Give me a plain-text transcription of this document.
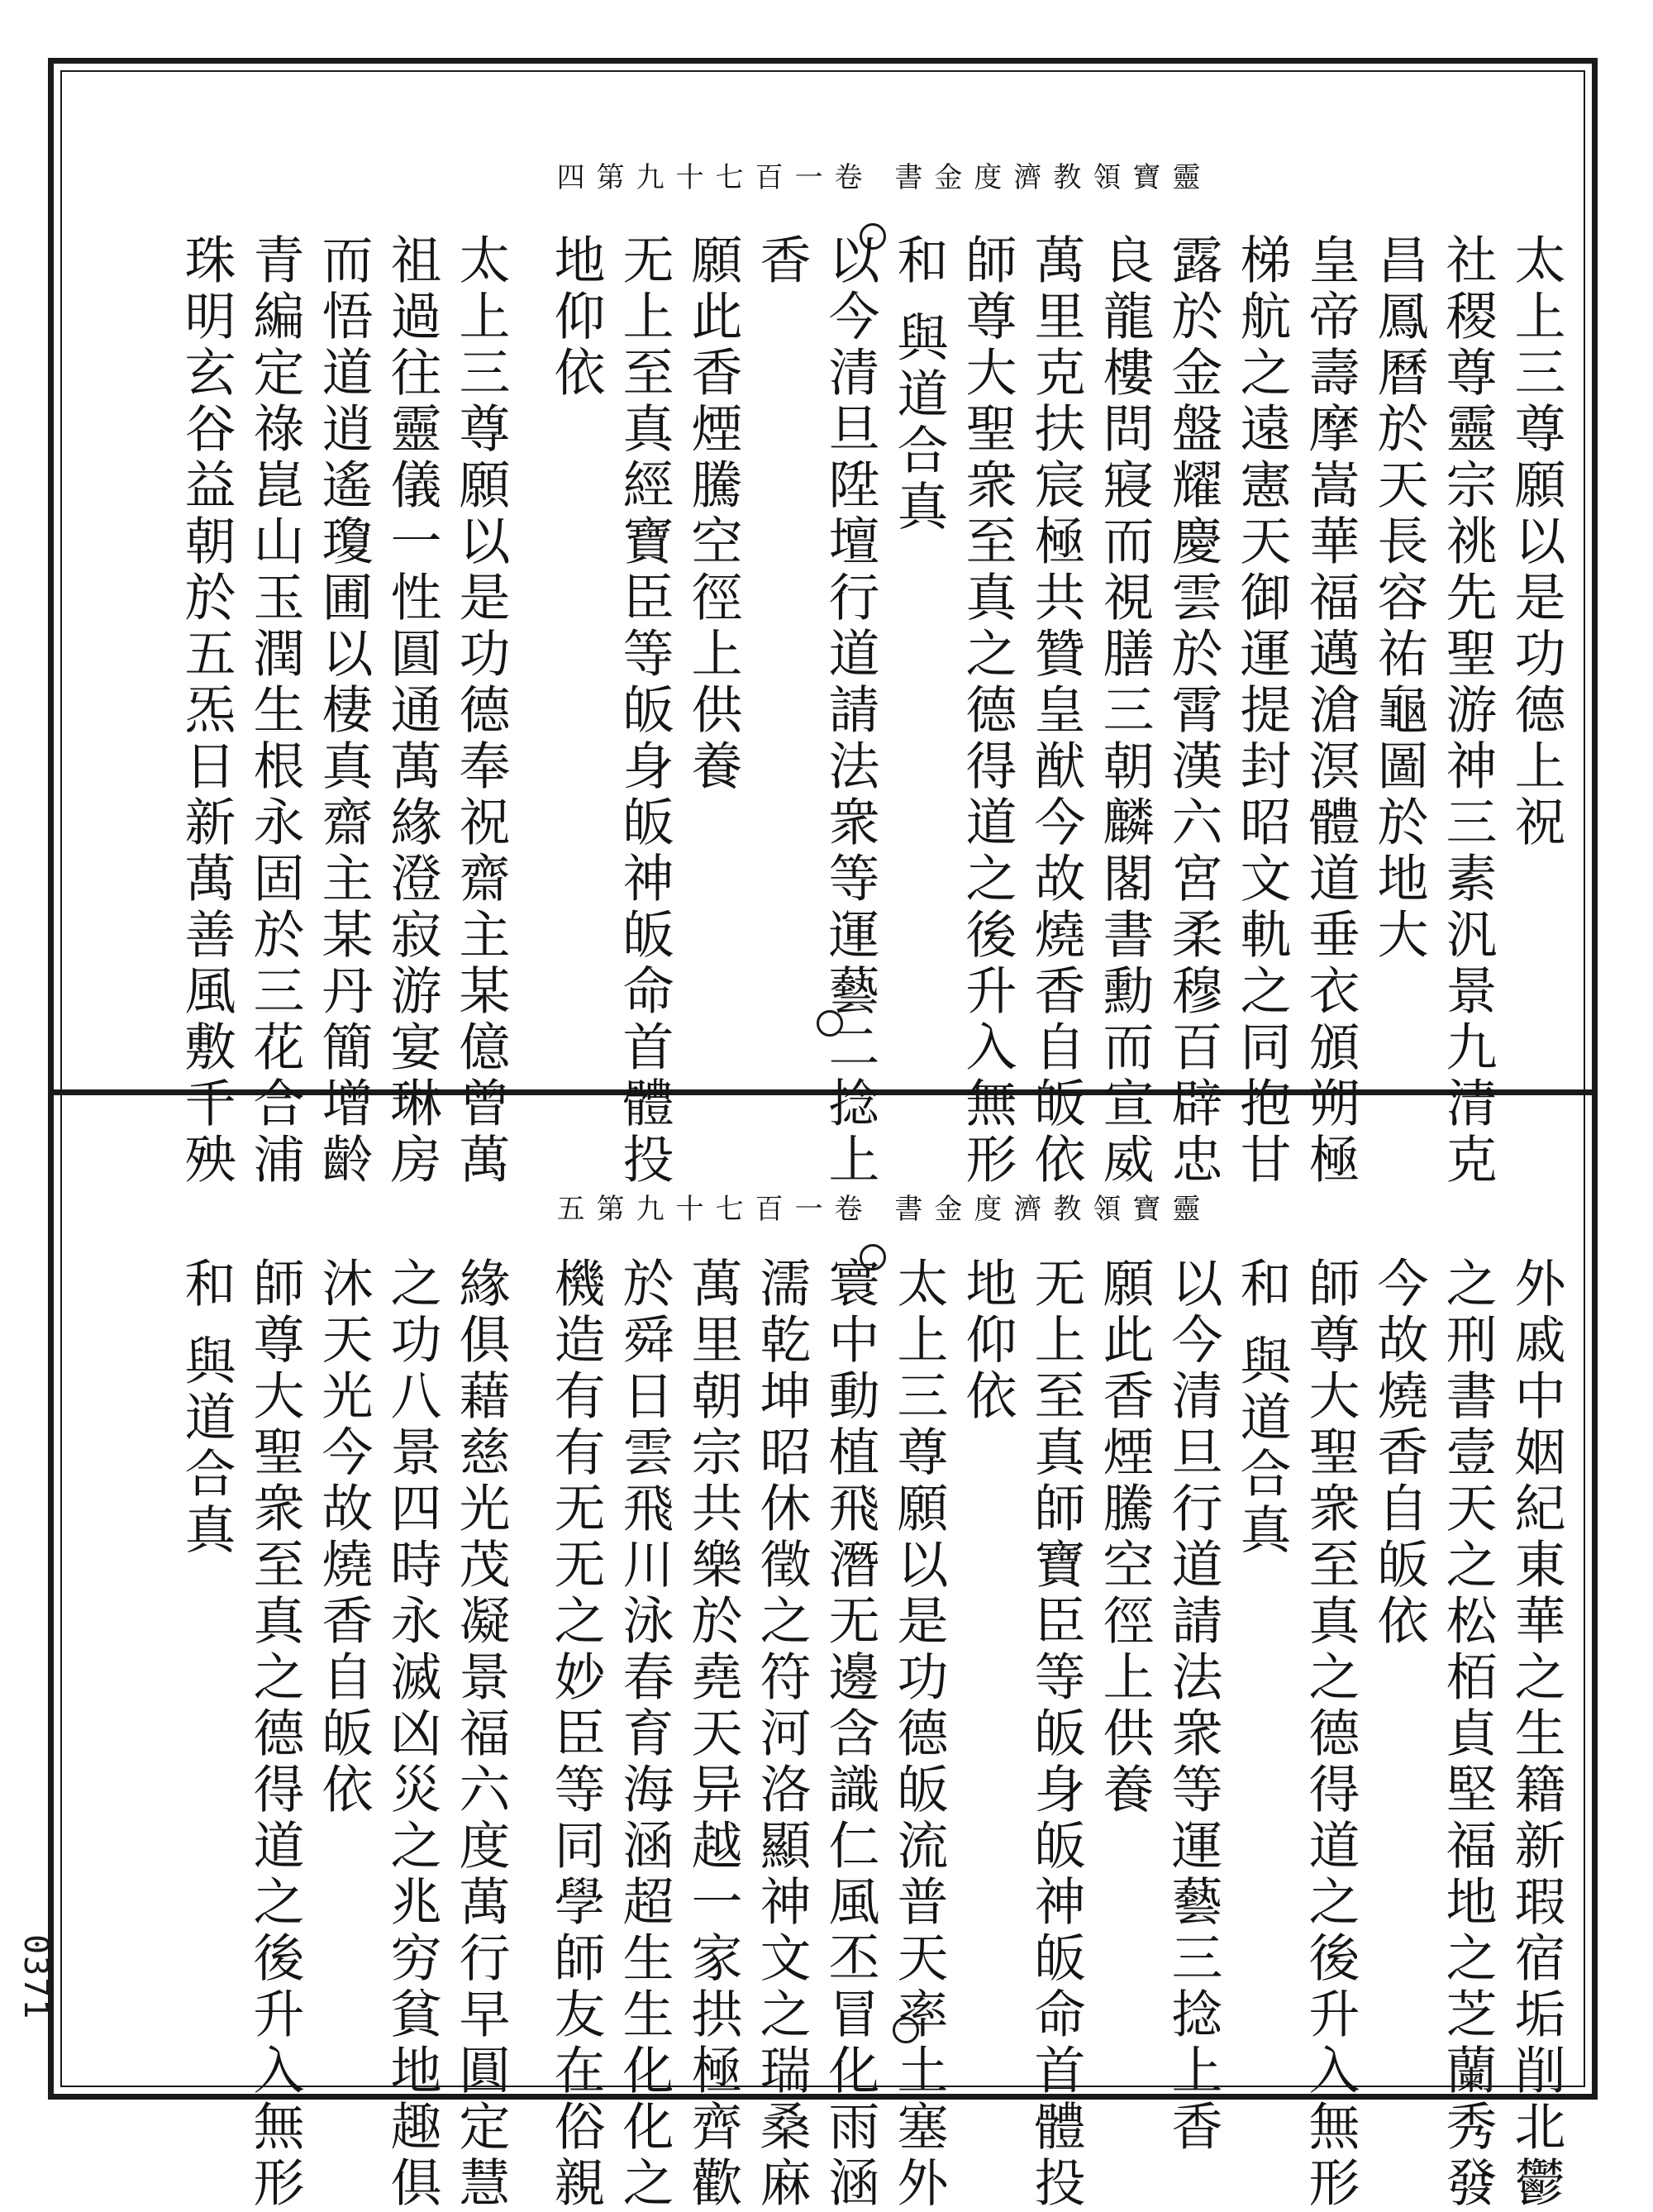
靈寶領教濟度金書 卷一百七十九第四
太上三尊願以是功德上祝
社稷尊靈宗祧先聖游神三素汎景九清克
昌鳳曆於天長容祐龜圖於地大
皇帝壽摩嵩華福邁滄溟體道垂衣頒朔極
梯航之遠憲天御運提封昭文軌之同抱甘
露於金盤耀慶雲於霄漢六宮柔穆百辟忠
良龍樓問寢而視膳三朝麟閣書勳而宣威
萬里克扶宸極共贊皇猷今故燒香自皈依
師尊大聖衆至真之德得道之後升入無形
和 與道合真
以今清旦陞壇行道請法衆等運藝二捻上
香
願此香煙騰空徑上供養
无上至真經寶臣等皈身皈神皈命首體投
地仰依
太上三尊願以是功德奉祝齋主某億曾萬
祖過往靈儀一性圓通萬緣澄寂游宴琳房
而悟道逍遙瓊圃以棲真齋主某丹簡增齡
青編定祿崑山玉潤生根永固於三花合浦
珠明玄谷益朝於五炁日新萬善風敷千殃
靈寶領教濟度金書 卷一百七十九第五
外戚中姻紀東華之生籍新瑕宿垢削北鬱
之刑書壹天之松栢貞堅福地之芝蘭秀發
今故燒香自皈依
師尊大聖衆至真之德得道之後升入無形
和 與道合真
以今清旦行道請法衆等運藝三捻上香
願此香煙騰空徑上供養
无上至真師寶臣等皈身皈神皈命首體投
地仰依
太上三尊願以是功德皈流普天率土塞外
寰中動植飛潛无邊含識仁風丕冒化雨涵
濡乾坤昭休徵之符河洛顯神文之瑞桑麻
萬里朝宗共樂於堯天异越一家拱極齊歡
於舜日雲飛川泳春育海涵超生生化化之
機造有有无无之妙臣等同學師友在俗親
緣俱藉慈光茂凝景福六度萬行早圓定慧
之功八景四時永滅凶災之兆穷貧地趣俱
沐天光今故燒香自皈依
師尊大聖衆至真之德得道之後升入無形
和 與道合真
0371
